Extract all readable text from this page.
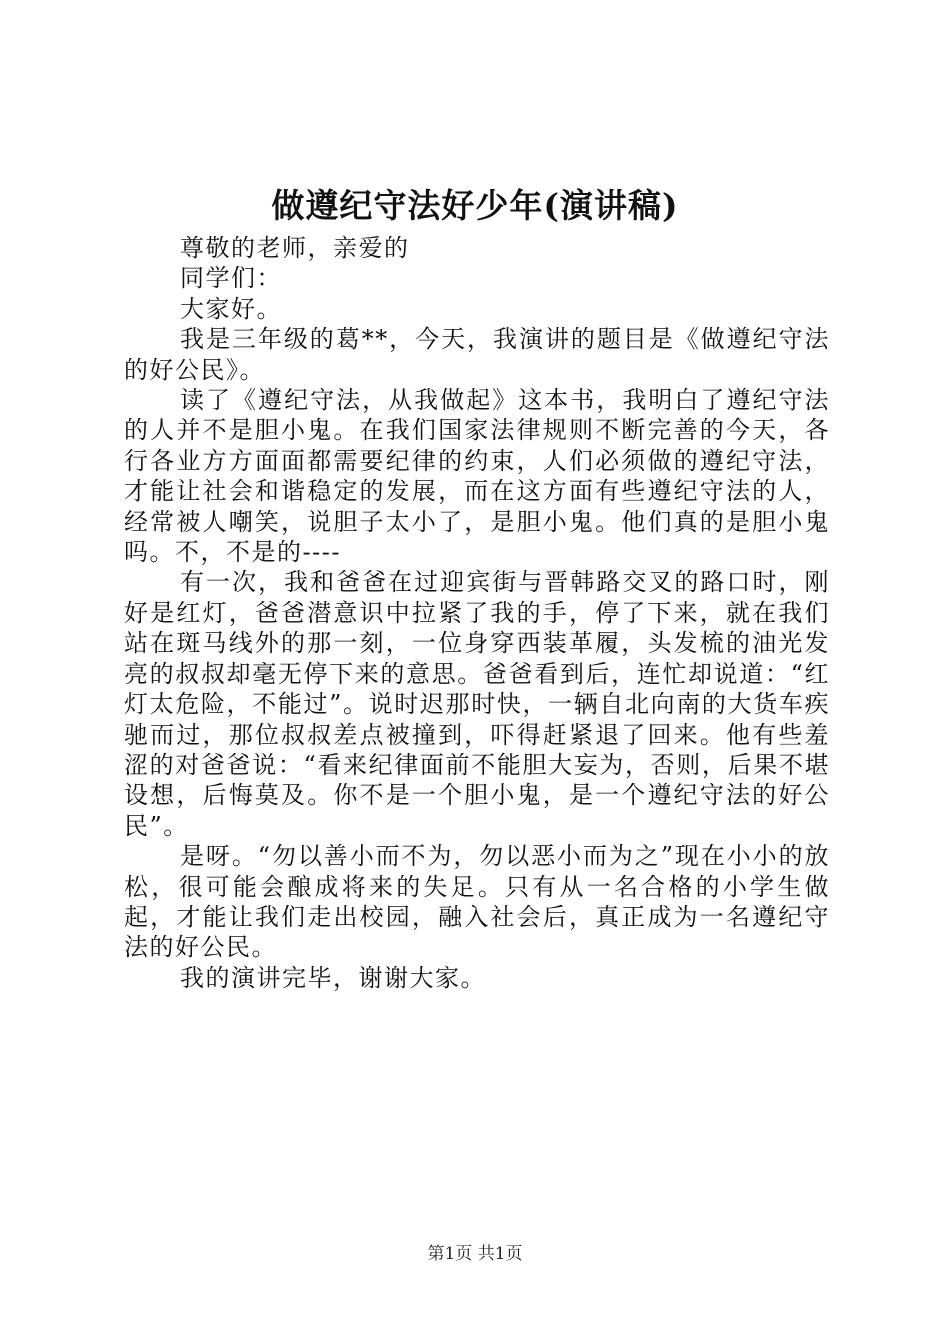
做遵纪守法好少年(演讲稿)

尊敬的老师，亲爱的

同学们：

大家好。

我是三年级的葛**，今天，我演讲的题目是《做遵纪守法的好公民》。

读了《遵纪守法，从我做起》这本书，我明白了遵纪守法的人并不是胆小鬼。在我们国家法律规则不断完善的今天，各行各业方方面面都需要纪律的约束，人们必须做的遵纪守法，才能让社会和谐稳定的发展，而在这方面有些遵纪守法的人，经常被人嘲笑，说胆子太小了，是胆小鬼。他们真的是胆小鬼吗。不，不是的----

有一次，我和爸爸在过迎宾街与晋韩路交叉的路口时，刚好是红灯，爸爸潜意识中拉紧了我的手，停了下来，就在我们站在斑马线外的那一刻，一位身穿西装革履，头发梳的油光发亮的叔叔却毫无停下来的意思。爸爸看到后，连忙却说道：“红灯太危险，不能过”。说时迟那时快，一辆自北向南的大货车疾驰而过，那位叔叔差点被撞到，吓得赶紧退了回来。他有些羞涩的对爸爸说：“看来纪律面前不能胆大妄为，否则，后果不堪设想，后悔莫及。你不是一个胆小鬼，是一个遵纪守法的好公民”。

是呀。“勿以善小而不为，勿以恶小而为之”现在小小的放松，很可能会酿成将来的失足。只有从一名合格的小学生做起，才能让我们走出校园，融入社会后，真正成为一名遵纪守法的好公民。

我的演讲完毕，谢谢大家。

第1页 共1页
